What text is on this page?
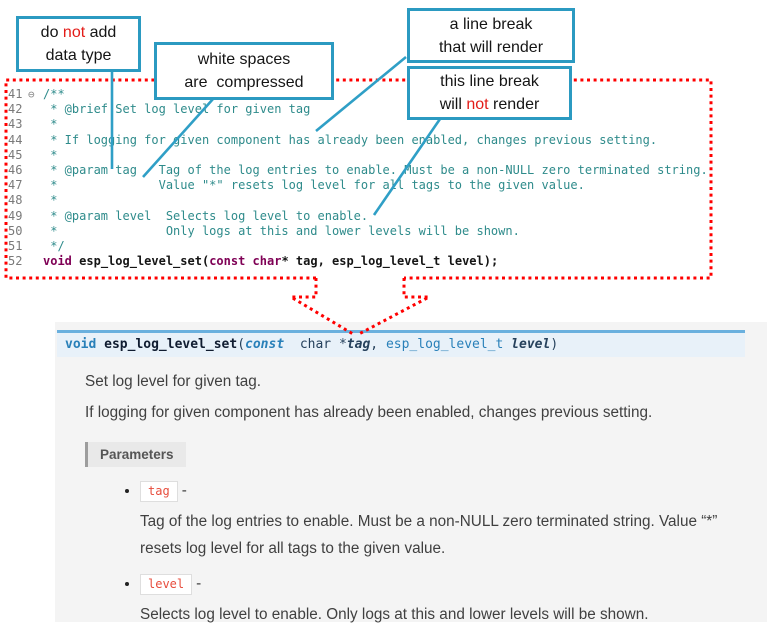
do not add
data type	white spaces
are  compressed
a line break
that will render
this line break
will not render
41 ⊖ /**
42	* @brief Set log level for given tag
43	*
44	* If logging for given component has already been enabled, changes previous setting.
45	*
46	* @param tag   Tag of the log entries to enable. Must be a non-NULL zero terminated string.
47	*              Value "*" resets log level for all tags to the given value.
48	*
49	* @param level  Selects log level to enable.
50	*               Only logs at this and lower levels will be shown.
51	*/
52	void esp_log_level_set(const char* tag, esp_log_level_t level);
void esp_log_level_set(const  char *tag, esp_log_level_t level)

Set log level for given tag.

If logging for given component has already been enabled, changes previous setting.

Parameters
• tag -
Tag of the log entries to enable. Must be a non-NULL zero terminated string. Value “*” resets log level for all tags to the given value.
• level -
Selects log level to enable. Only logs at this and lower levels will be shown.
